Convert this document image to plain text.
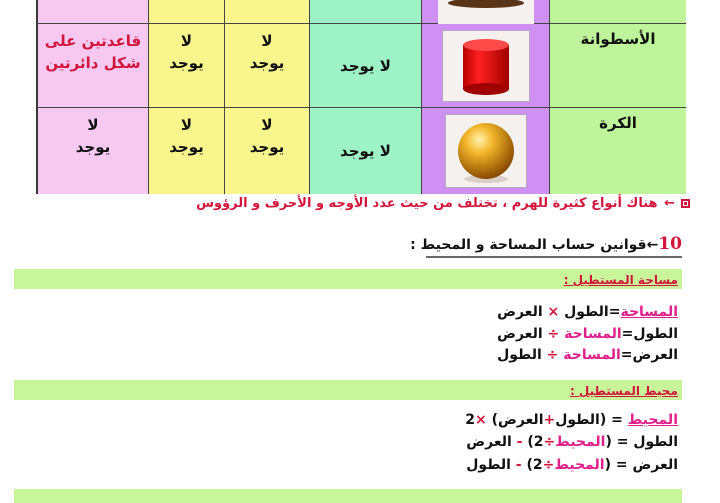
قاعدتين على شكل دائرتين
لا يوجد
لا يوجد	لا يوجد
الأسطوانة
لا يوجد
لا يوجد
لا يوجد	لا يوجد
الكرة
← هناك أنواع كثيرة للهرم ، تختلف من حيث عدد الأوجه و الأحرف و الرؤوس
10←قوانين حساب المساحة و المحيط :
مساحة المستطيل :
المساحة=الطول × العرض
الطول=المساحة ÷ العرض
العرض=المساحة ÷ الطول
محيط المستطيل :
المحيط = (الطول+العرض) ×2
الطول = (المحيط÷2) - العرض
العرض = (المحيط÷2) - الطول
